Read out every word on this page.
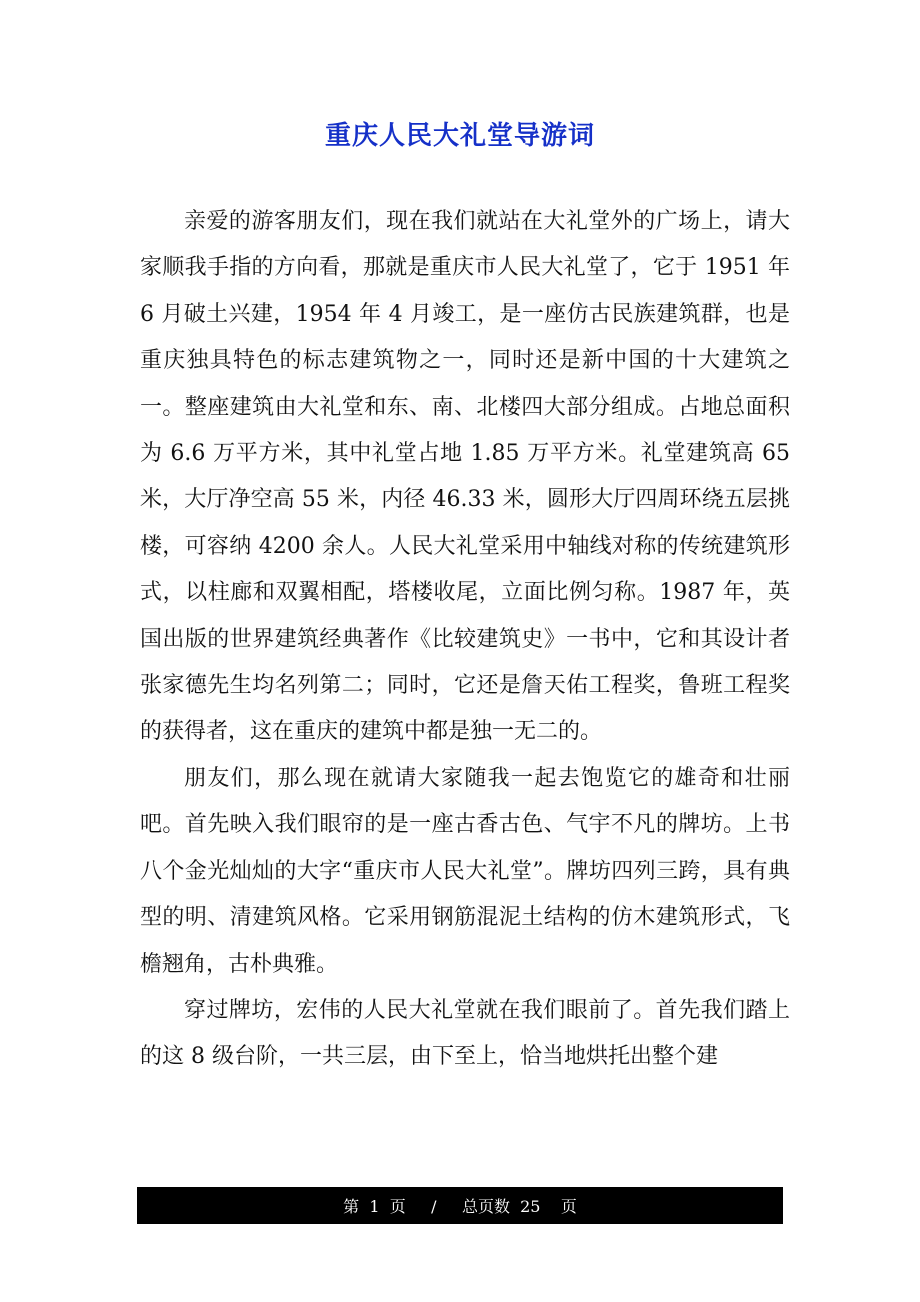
重庆人民大礼堂导游词

亲爱的游客朋友们，现在我们就站在大礼堂外的广场上，请大家顺我手指的方向看，那就是重庆市人民大礼堂了，它于 1951 年 6 月破土兴建，1954 年 4 月竣工，是一座仿古民族建筑群，也是重庆独具特色的标志建筑物之一，同时还是新中国的十大建筑之一。整座建筑由大礼堂和东、南、北楼四大部分组成。占地总面积为 6.6 万平方米，其中礼堂占地 1.85 万平方米。礼堂建筑高 65 米，大厅净空高 55 米，内径 46.33 米，圆形大厅四周环绕五层挑楼，可容纳 4200 余人。人民大礼堂采用中轴线对称的传统建筑形式，以柱廊和双翼相配，塔楼收尾，立面比例匀称。1987 年，英国出版的世界建筑经典著作《比较建筑史》一书中，它和其设计者张家德先生均名列第二；同时，它还是詹天佑工程奖，鲁班工程奖的获得者，这在重庆的建筑中都是独一无二的。

朋友们，那么现在就请大家随我一起去饱览它的雄奇和壮丽吧。首先映入我们眼帘的是一座古香古色、气宇不凡的牌坊。上书八个金光灿灿的大字“重庆市人民大礼堂”。牌坊四列三跨，具有典型的明、清建筑风格。它采用钢筋混泥土结构的仿木建筑形式，飞檐翘角，古朴典雅。

穿过牌坊，宏伟的人民大礼堂就在我们眼前了。首先我们踏上的这 8 级台阶，一共三层，由下至上，恰当地烘托出整个建

第  1  页     /     总页数  25    页
